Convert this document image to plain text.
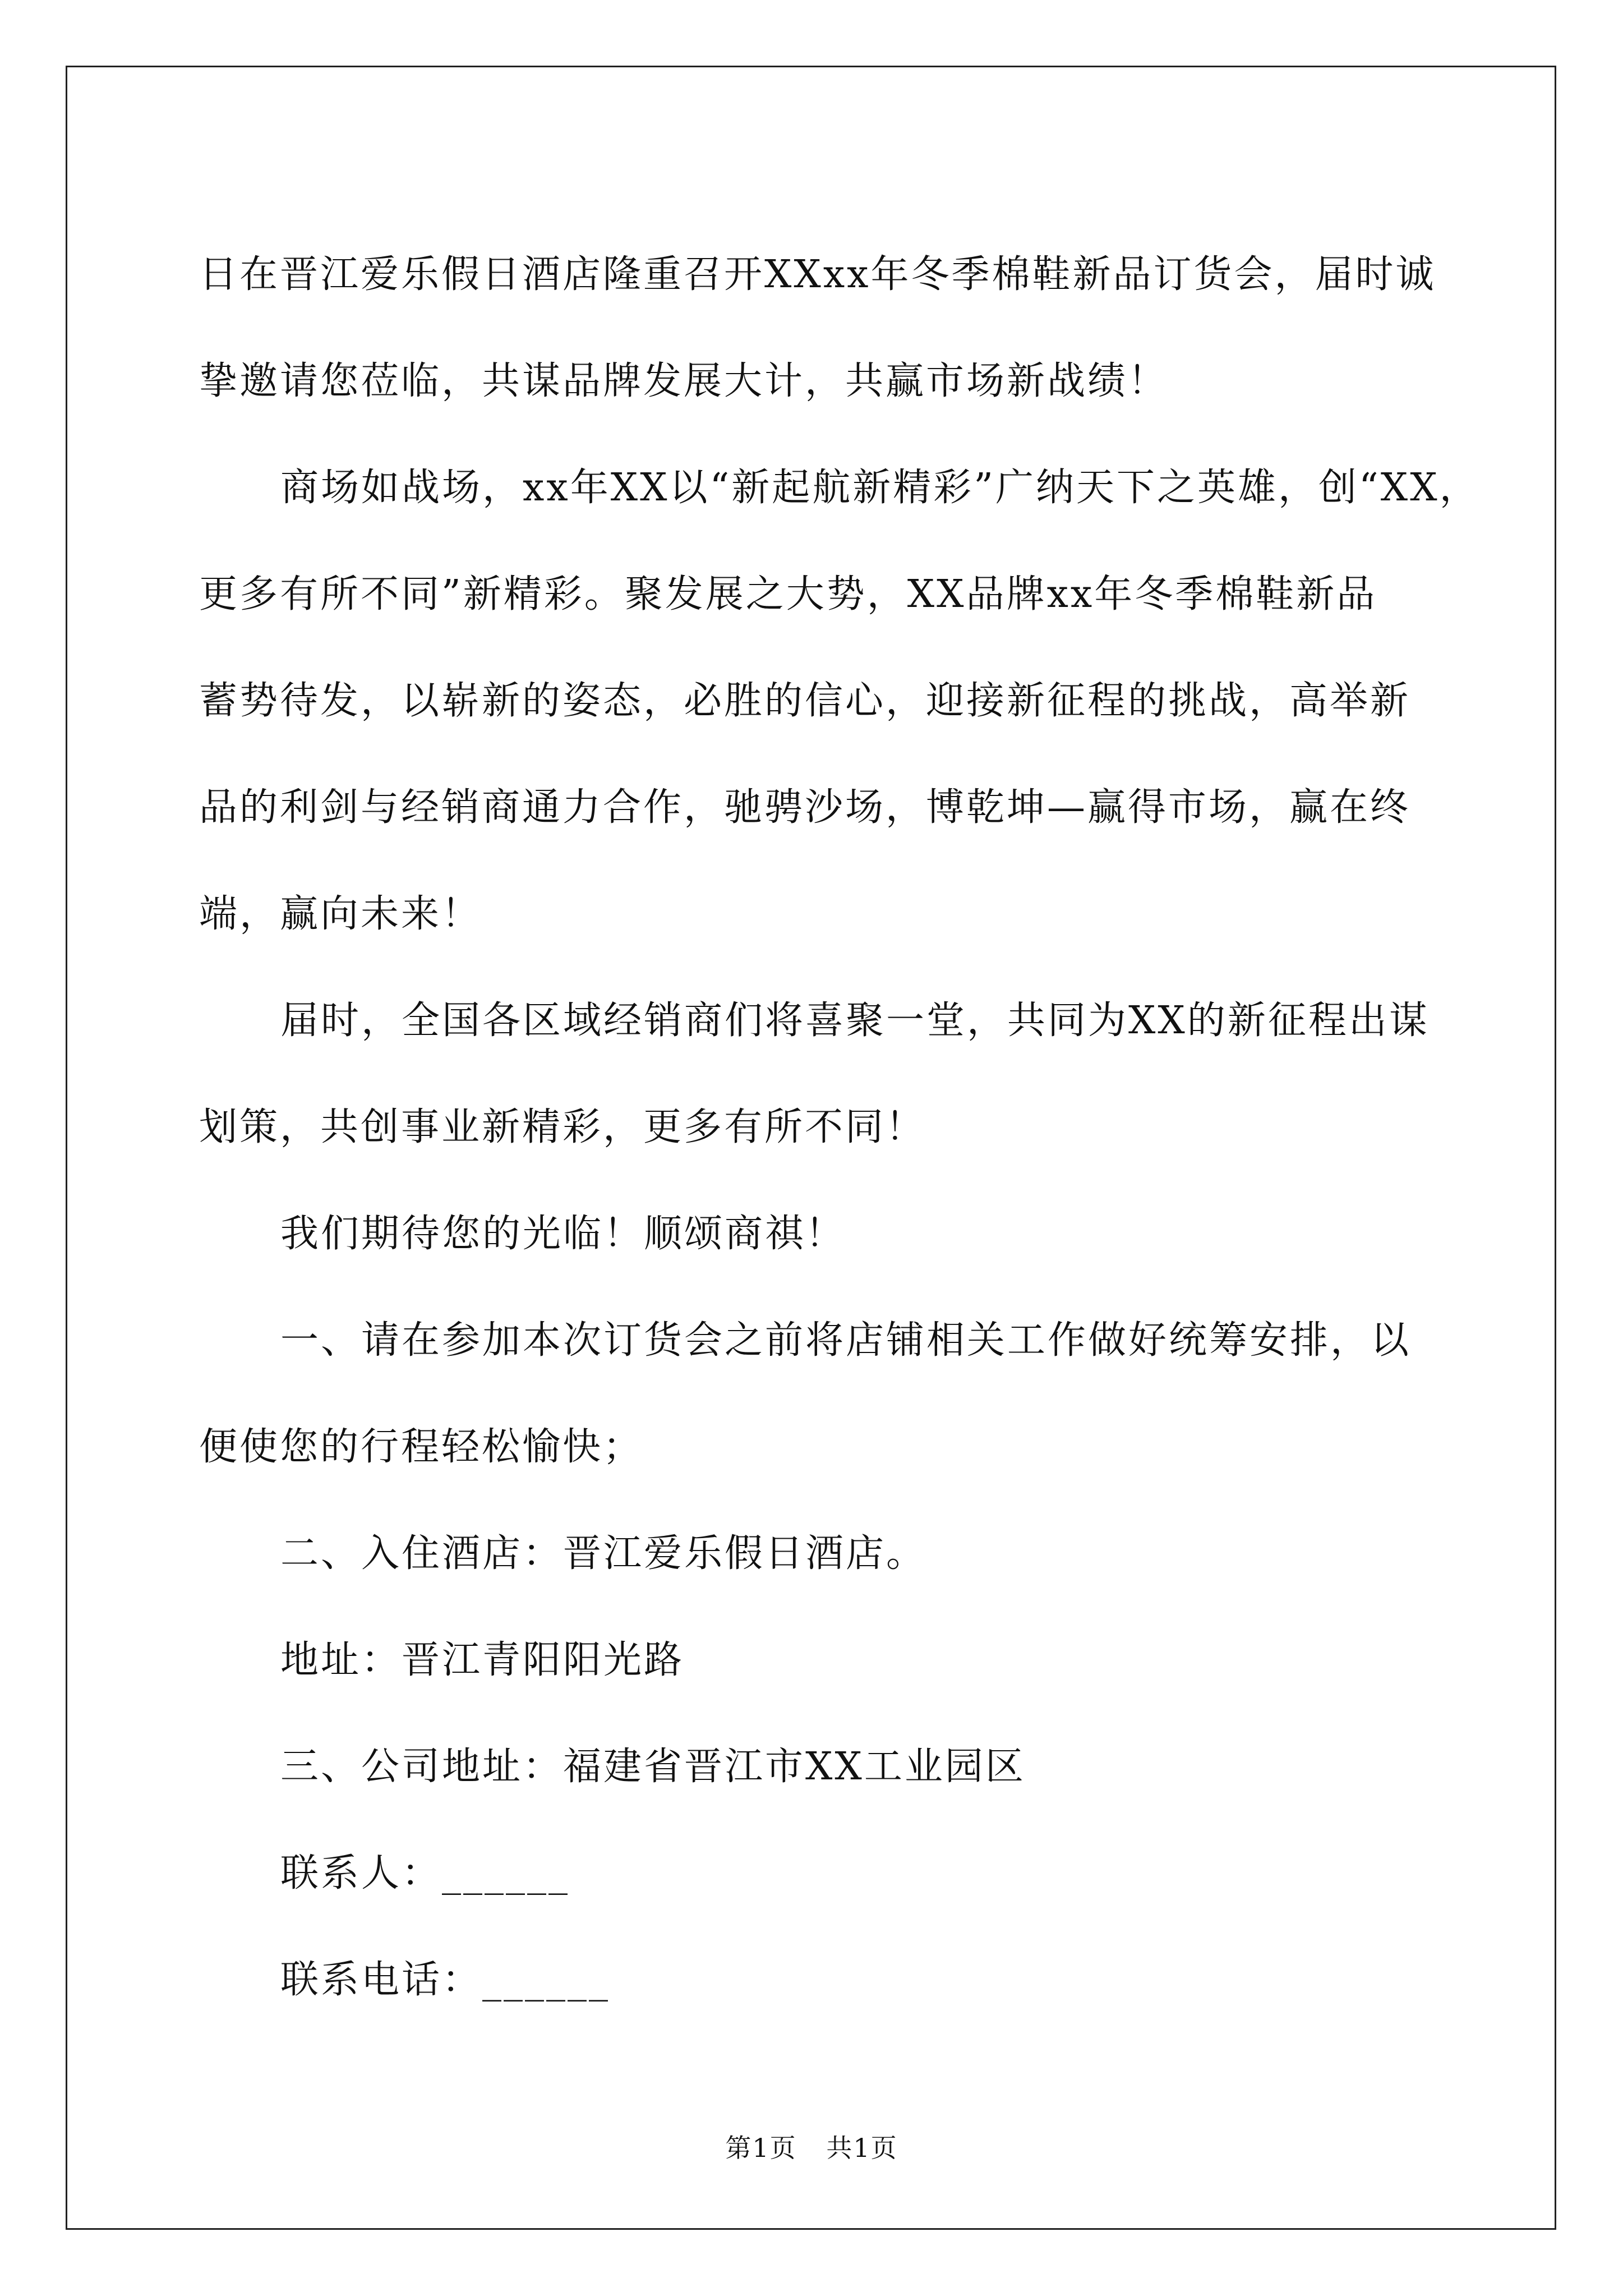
日在晋江爱乐假日酒店隆重召开XXxx年冬季棉鞋新品订货会，届时诚

挚邀请您莅临，共谋品牌发展大计，共赢市场新战绩！

商场如战场，xx年XX以“新起航新精彩”广纳天下之英雄，创“XX，

更多有所不同”新精彩。聚发展之大势，XX品牌xx年冬季棉鞋新品

蓄势待发，以崭新的姿态，必胜的信心，迎接新征程的挑战，高举新

品的利剑与经销商通力合作，驰骋沙场，博乾坤—赢得市场，赢在终

端，赢向未来！

届时，全国各区域经销商们将喜聚一堂，共同为XX的新征程出谋

划策，共创事业新精彩，更多有所不同！

我们期待您的光临！顺颂商祺！

一、请在参加本次订货会之前将店铺相关工作做好统筹安排，以

便使您的行程轻松愉快；

二、入住酒店：晋江爱乐假日酒店。

地址：晋江青阳阳光路

三、公司地址：福建省晋江市XX工业园区

联系人：______

联系电话：______

第1页 共1页
